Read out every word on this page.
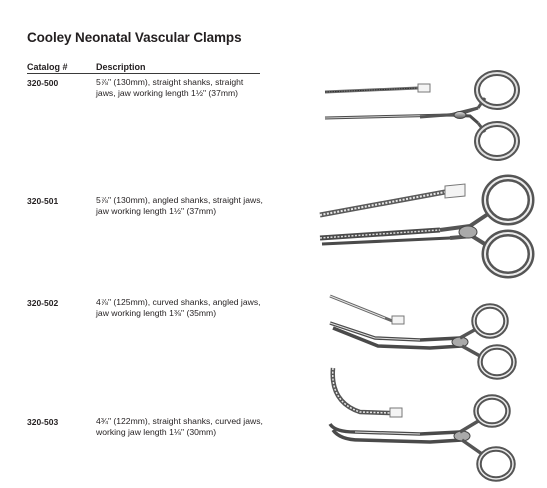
Cooley Neonatal Vascular Clamps
Catalog #	Description
320-500	5⅞" (130mm), straight shanks, straight jaws, jaw working length 1½" (37mm)
320-501	5⅞" (130mm), angled shanks, straight jaws, jaw working length 1½" (37mm)
320-502	4⅞" (125mm), curved shanks, angled jaws, jaw working length 1⅜" (35mm)
320-503	4¾" (122mm), straight shanks, curved jaws, working jaw length 1⅛" (30mm)
